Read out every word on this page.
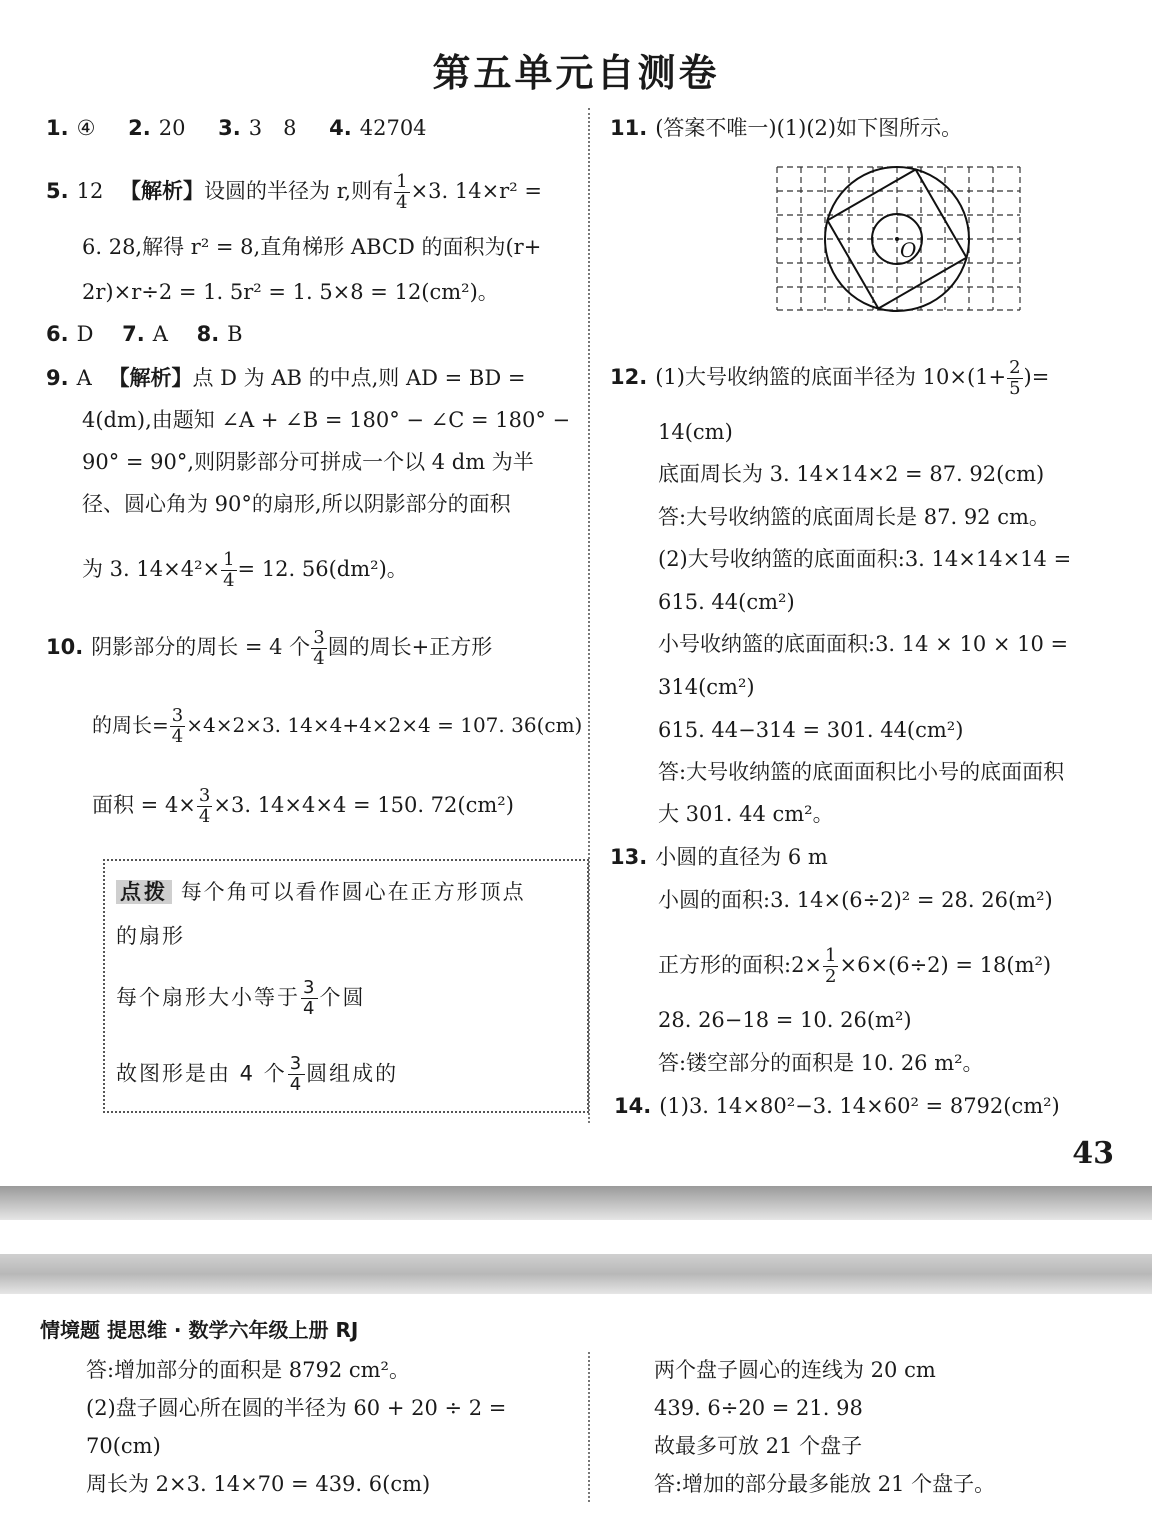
第五单元自测卷
1. ④ 2. 20 3. 3　8 4. 42704
5. 12 【解析】设圆的半径为 r,则有 $\frac{1}{4} \times 3$. 14×r² =
6. 28,解得 r² = 8,直角梯形 ABCD 的面积为(r+
2r)×r÷2 = 1. 5r² = 1. 5×8 = 12(cm²)。
6. D 7. A 8. B
9. A 【解析】点 D 为 AB 的中点,则 AD = BD =
4(dm),由题知 ∠A + ∠B = 180° − ∠C = 180° −
90° = 90°,则阴影部分可拼成一个以 4 dm 为半
径、圆心角为 90°的扇形,所以阴影部分的面积
为 3. $14\times 4^2\times \frac{1}{4} = 12$. 56(dm²)。
10. 阴影部分的周长 = 4 个 $\frac{3}{4}$ 圆的周长+正方形
的周长= $\frac{3}{4} \times 4\times 2\times 3$. 14×4+4×2×4 = 107. 36(cm)
面积 = $4\times \frac{3}{4} \times 3$. 14×4×4 = 150. 72(cm²)
点拨 每个角可以看作圆心在正方形顶点
的扇形
每个扇形大小等于 $\frac{3}{4}$ 个圆
故图形是由 4 个 $\frac{3}{4}$ 圆组成的
11. (答案不唯一)(1)(2)如下图所示。
O
12. (1)大号收纳篮的底面半径为 $10\times(1+ \frac{2}{5}$ )=
14(cm)
底面周长为 3. 14×14×2 = 87. 92(cm)
答:大号收纳篮的底面周长是 87. 92 cm。
(2)大号收纳篮的底面面积:3. 14×14×14 =
615. 44(cm²)
小号收纳篮的底面面积:3. 14 × 10 × 10 =
314(cm²)
615. 44−314 = 301. 44(cm²)
答:大号收纳篮的底面面积比小号的底面面积
大 301. 44 cm²。
13. 小圆的直径为 6 m
小圆的面积:3. 14×(6÷2)² = 28. 26(m²)
正方形的面积:2× $\frac{1}{2} \times 6\times(6\div 2) = 18(m^2)$
28. 26−18 = 10. 26(m²)
答:镂空部分的面积是 10. 26 m²。
14. (1)3. 14×80²−3. 14×60² = 8792(cm²)
43
情境题 提思维 · 数学六年级上册 RJ
答:增加部分的面积是 8792 cm²。
(2)盘子圆心所在圆的半径为 60 + 20 ÷ 2 =
70(cm)
周长为 2×3. 14×70 = 439. 6(cm)
两个盘子圆心的连线为 20 cm
439. 6÷20 = 21. 98
故最多可放 21 个盘子
答:增加的部分最多能放 21 个盘子。
